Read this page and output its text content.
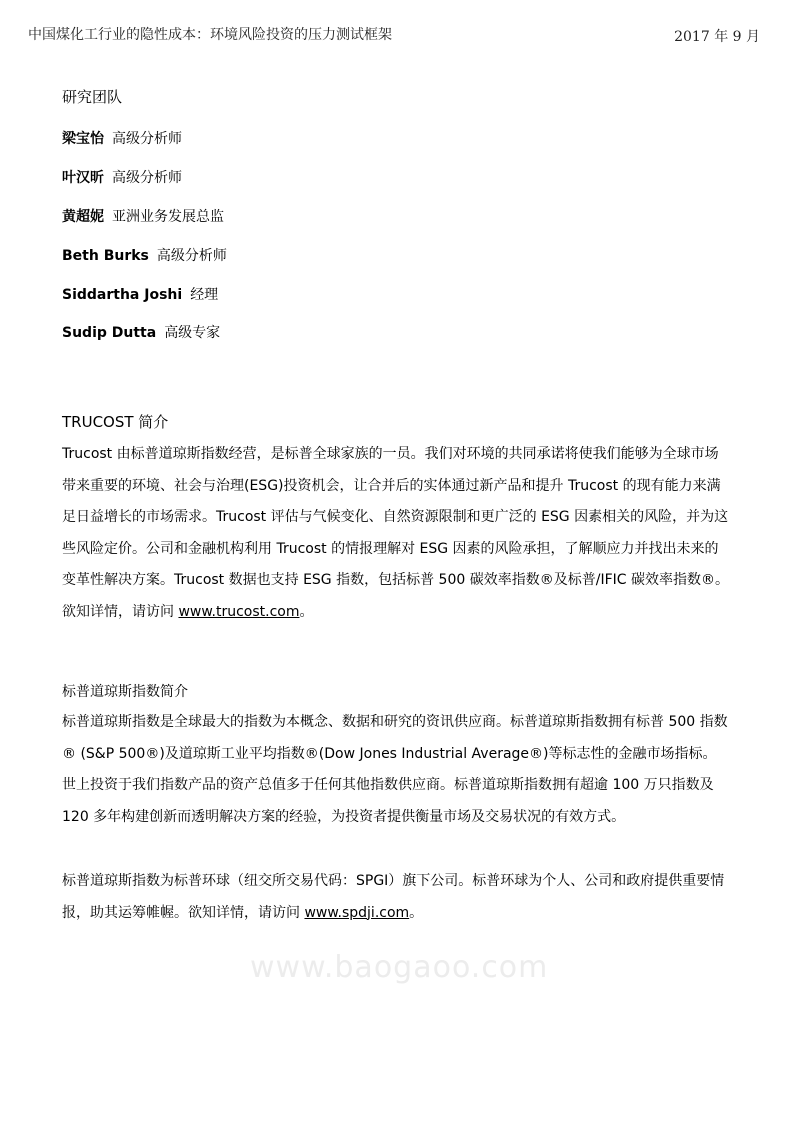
中国煤化工行业的隐性成本：环境风险投资的压力测试框架	2017 年 9 月
研究团队
梁宝怡 高级分析师
叶汉昕 高级分析师
黄超妮 亚洲业务发展总监
Beth Burks 高级分析师
Siddartha Joshi 经理
Sudip Dutta 高级专家
TRUCOST 简介
Trucost 由标普道琼斯指数经营，是标普全球家族的一员。我们对环境的共同承诺将使我们能够为全球市场带来重要的环境、社会与治理(ESG)投资机会，让合并后的实体通过新产品和提升 Trucost 的现有能力来满足日益增长的市场需求。Trucost 评估与气候变化、自然资源限制和更广泛的 ESG 因素相关的风险，并为这些风险定价。公司和金融机构利用 Trucost 的情报理解对 ESG 因素的风险承担，了解顺应力并找出未来的变革性解决方案。Trucost 数据也支持 ESG 指数，包括标普 500 碳效率指数®及标普/IFIC 碳效率指数®。欲知详情，请访问 www.trucost.com。
标普道琼斯指数简介
标普道琼斯指数是全球最大的指数为本概念、数据和研究的资讯供应商。标普道琼斯指数拥有标普 500 指数® (S&P 500®)及道琼斯工业平均指数®(Dow Jones Industrial Average®)等标志性的金融市场指标。世上投资于我们指数产品的资产总值多于任何其他指数供应商。标普道琼斯指数拥有超逾 100 万只指数及 120 多年构建创新而透明解决方案的经验，为投资者提供衡量市场及交易状况的有效方式。
标普道琼斯指数为标普环球（纽交所交易代码：SPGI）旗下公司。标普环球为个人、公司和政府提供重要情报，助其运筹帷幄。欲知详情，请访问 www.spdji.com。
www.baogaoo.com
